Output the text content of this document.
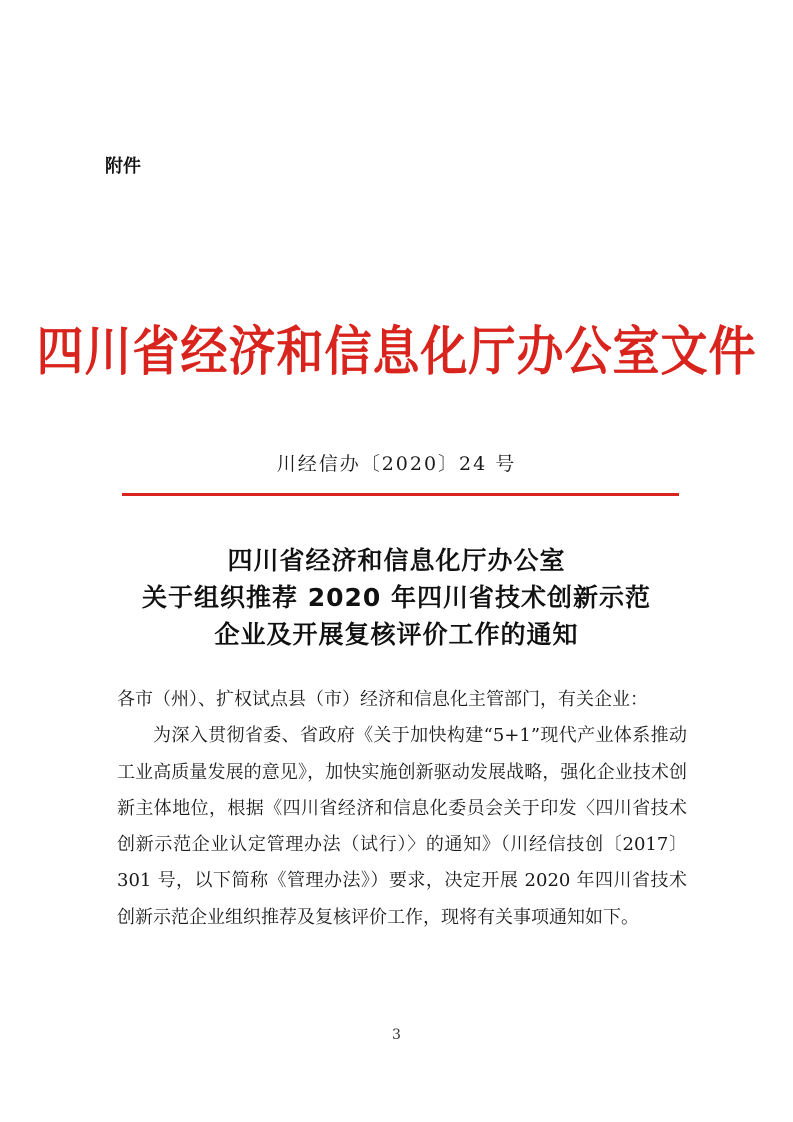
附件
四川省经济和信息化厅办公室文件
川经信办〔2020〕24 号
四川省经济和信息化厅办公室
关于组织推荐 2020 年四川省技术创新示范
企业及开展复核评价工作的通知
各市（州）、扩权试点县（市）经济和信息化主管部门，有关企业：
为深入贯彻省委、省政府《关于加快构建“5+1”现代产业体系推动工业高质量发展的意见》，加快实施创新驱动发展战略，强化企业技术创新主体地位，根据《四川省经济和信息化委员会关于印发〈四川省技术创新示范企业认定管理办法（试行）〉的通知》（川经信技创〔2017〕301 号，以下简称《管理办法》）要求，决定开展 2020 年四川省技术创新示范企业组织推荐及复核评价工作，现将有关事项通知如下。
3
